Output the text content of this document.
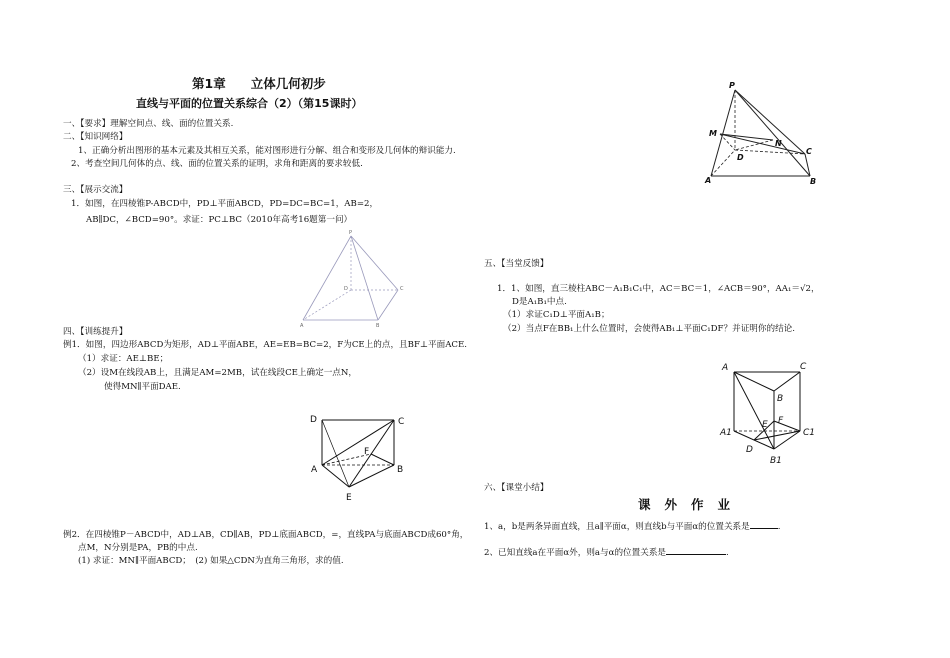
P
M
N
D
C
A	B
第1章　　立体几何初步
直线与平面的位置关系综合（2）（第15课时）
一、【要求】理解空间点、线、面的位置关系.
二、【知识网络】
1、正确分析出图形的基本元素及其相互关系，能对图形进行分解、组合和变形及几何体的辩识能力.
2、考查空间几何体的点、线、面的位置关系的证明，求角和距离的要求较低.
三、【展示交流】
1．如图，在四棱锥P-ABCD中，PD⊥平面ABCD，PD=DC=BC=1，AB=2，
AB∥DC，∠BCD=90°。求证：PC⊥BC（2010年高考16题第一问）
P
D	C
A	B
四、【训练提升】
例1．如图，四边形ABCD为矩形，AD⊥平面ABE，AE=EB=BC=2，F为CE上的点，且BF⊥平面ACE.
（1）求证：AE⊥BE；
（2）设M在线段AB上，且满足AM=2MB，试在线段CE上确定一点N，
使得MN∥平面DAE.
D	C
F
A	B
E
例2．在四棱锥P－ABCD中，AD⊥AB，CD∥AB，PD⊥底面ABCD，=，直线PA与底面ABCD成60°角，
点M，N分别是PA，PB的中点.
(1) 求证：MN∥平面ABCD；　(2) 如果△CDN为直角三角形，求的值.
五、【当堂反馈】
1．1、如图，直三棱柱ABC－A₁B₁C₁中，AC＝BC＝1，∠ACB＝90°，AA₁＝√2，
D是A₁B₁中点.
（1）求证C₁D⊥平面A₁B；
（2）当点F在BB₁上什么位置时，会使得AB₁⊥平面C₁DF？并证明你的结论.
A	C
B
F
E
A1	C1
D
B1
六、【课堂小结】
课外作业
1、a，b是两条异面直线，且a∥平面α，则直线b与平面α的位置关系是	.
2、已知直线a在平面α外，则a与α的位置关系是	.
